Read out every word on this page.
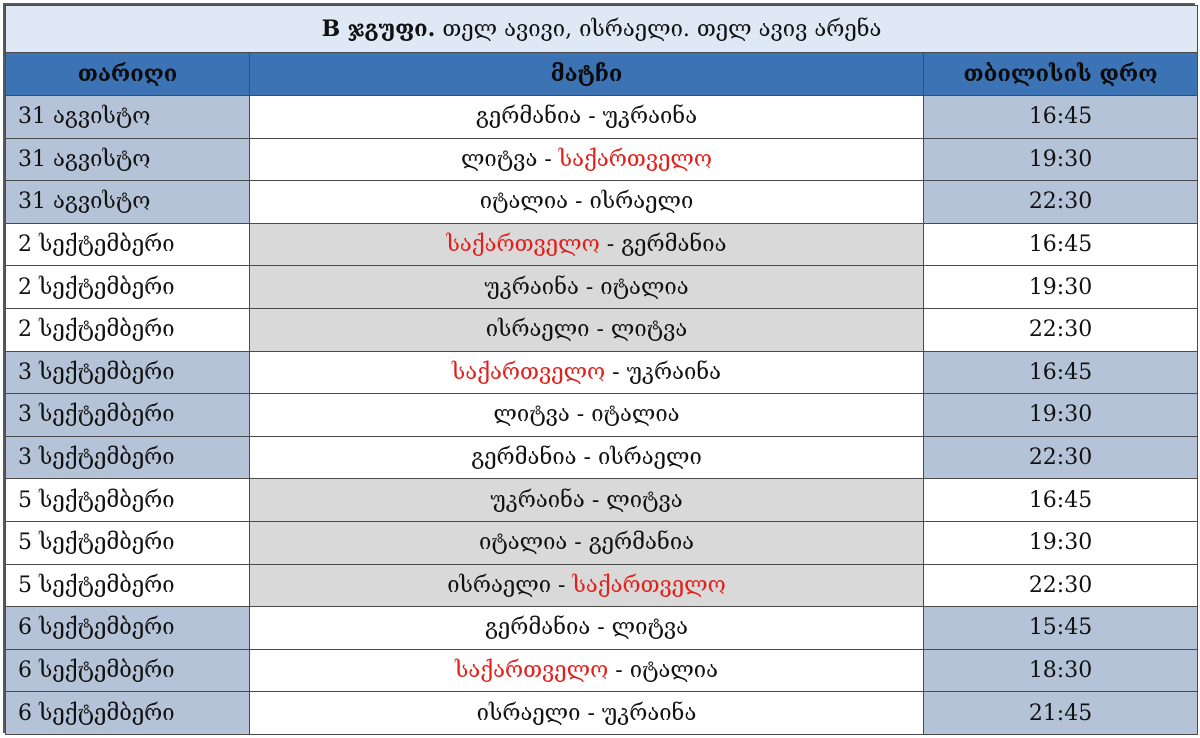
B ჯგუფი. თელ ავივი, ისრაელი. თელ ავივ არენა		
თარიღი	მატჩი	თბილისის დრო
31 აგვისტო	გერმანია - უკრაინა	16:45
31 აგვისტო	ლიტვა - საქართველო	19:30
31 აგვისტო	იტალია - ისრაელი	22:30
2 სექტემბერი	საქართველო - გერმანია	16:45
2 სექტემბერი	უკრაინა - იტალია	19:30
2 სექტემბერი	ისრაელი - ლიტვა	22:30
3 სექტემბერი	საქართველო - უკრაინა	16:45
3 სექტემბერი	ლიტვა - იტალია	19:30
3 სექტემბერი	გერმანია - ისრაელი	22:30
5 სექტემბერი	უკრაინა - ლიტვა	16:45
5 სექტემბერი	იტალია - გერმანია	19:30
5 სექტემბერი	ისრაელი - საქართველო	22:30
6 სექტემბერი	გერმანია - ლიტვა	15:45
6 სექტემბერი	საქართველო - იტალია	18:30
6 სექტემბერი	ისრაელი - უკრაინა	21:45
